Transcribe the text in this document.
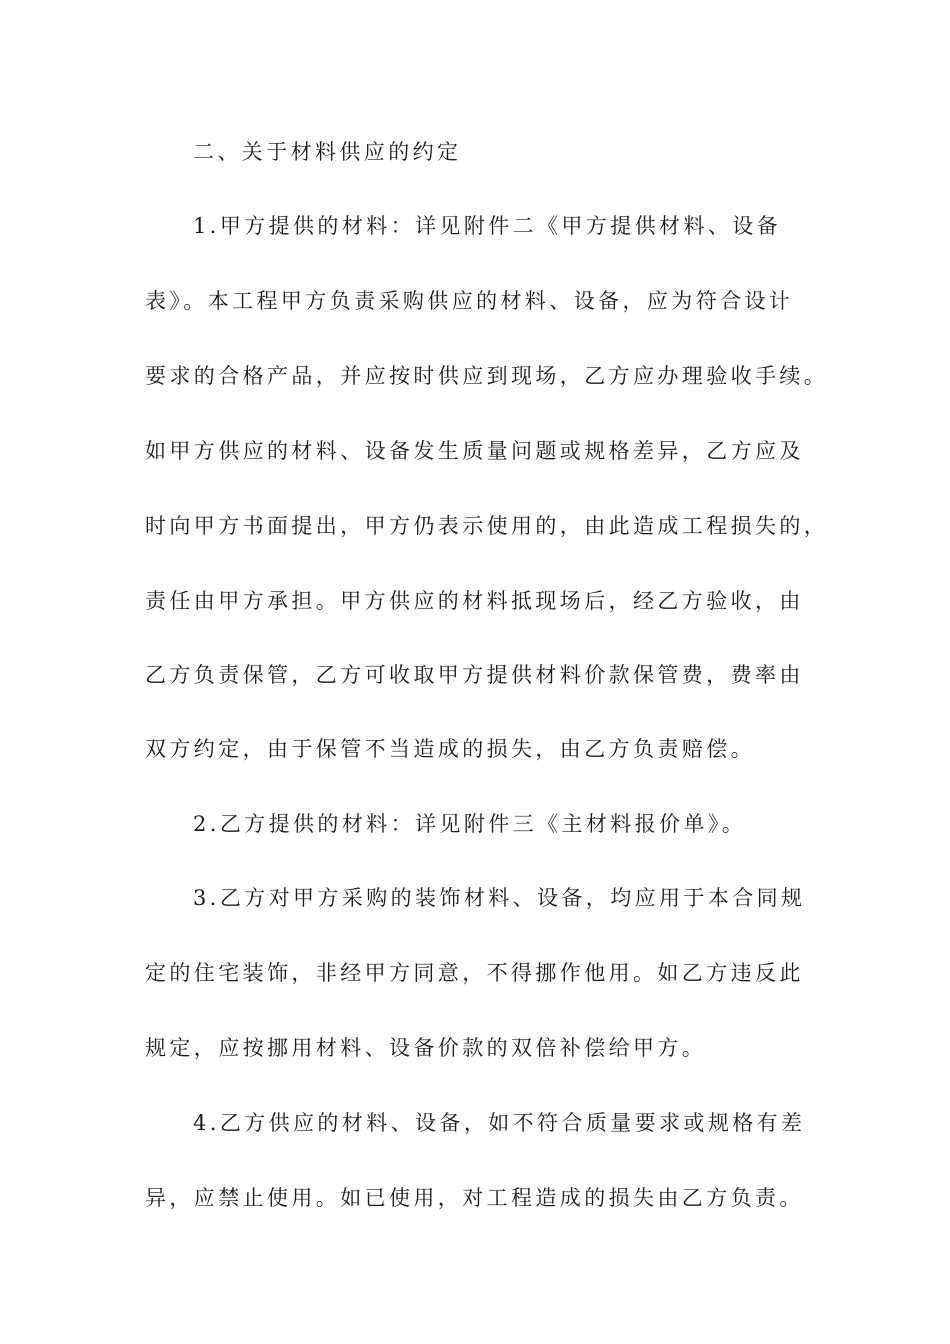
二、关于材料供应的约定
1.甲方提供的材料：详见附件二《甲方提供材料、设备
表》。本工程甲方负责采购供应的材料、设备，应为符合设计
要求的合格产品，并应按时供应到现场，乙方应办理验收手续。
如甲方供应的材料、设备发生质量问题或规格差异，乙方应及
时向甲方书面提出，甲方仍表示使用的，由此造成工程损失的，
责任由甲方承担。甲方供应的材料抵现场后，经乙方验收，由
乙方负责保管，乙方可收取甲方提供材料价款保管费，费率由
双方约定，由于保管不当造成的损失，由乙方负责赔偿。
2.乙方提供的材料：详见附件三《主材料报价单》。
3.乙方对甲方采购的装饰材料、设备，均应用于本合同规
定的住宅装饰，非经甲方同意，不得挪作他用。如乙方违反此
规定，应按挪用材料、设备价款的双倍补偿给甲方。
4.乙方供应的材料、设备，如不符合质量要求或规格有差
异，应禁止使用。如已使用，对工程造成的损失由乙方负责。
